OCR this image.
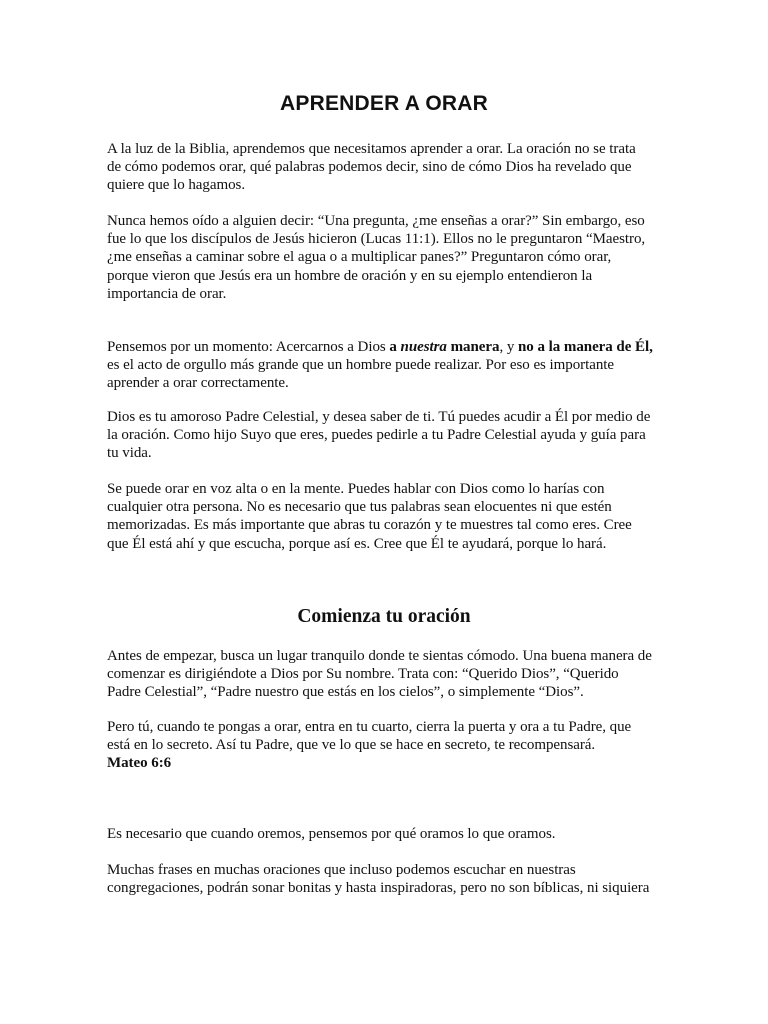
APRENDER A ORAR

A la luz de la Biblia, aprendemos que necesitamos aprender a orar. La oración no se trata
de cómo podemos orar, qué palabras podemos decir, sino de cómo Dios ha revelado que
quiere que lo hagamos.

Nunca hemos oído a alguien decir: “Una pregunta, ¿me enseñas a orar?” Sin embargo, eso
fue lo que los discípulos de Jesús hicieron (Lucas 11:1). Ellos no le preguntaron “Maestro,
¿me enseñas a caminar sobre el agua o a multiplicar panes?” Preguntaron cómo orar,
porque vieron que Jesús era un hombre de oración y en su ejemplo entendieron la
importancia de orar.

Pensemos por un momento: Acercarnos a Dios a nuestra manera, y no a la manera de Él,
es el acto de orgullo más grande que un hombre puede realizar. Por eso es importante
aprender a orar correctamente.

Dios es tu amoroso Padre Celestial, y desea saber de ti. Tú puedes acudir a Él por medio de
la oración. Como hijo Suyo que eres, puedes pedirle a tu Padre Celestial ayuda y guía para
tu vida.

Se puede orar en voz alta o en la mente. Puedes hablar con Dios como lo harías con
cualquier otra persona. No es necesario que tus palabras sean elocuentes ni que estén
memorizadas. Es más importante que abras tu corazón y te muestres tal como eres. Cree
que Él está ahí y que escucha, porque así es. Cree que Él te ayudará, porque lo hará.

Comienza tu oración

Antes de empezar, busca un lugar tranquilo donde te sientas cómodo. Una buena manera de
comenzar es dirigiéndote a Dios por Su nombre. Trata con: “Querido Dios”, “Querido
Padre Celestial”, “Padre nuestro que estás en los cielos”, o simplemente “Dios”.

Pero tú, cuando te pongas a orar, entra en tu cuarto, cierra la puerta y ora a tu Padre, que
está en lo secreto. Así tu Padre, que ve lo que se hace en secreto, te recompensará.
Mateo 6:6

Es necesario que cuando oremos, pensemos por qué oramos lo que oramos.

Muchas frases en muchas oraciones que incluso podemos escuchar en nuestras
congregaciones, podrán sonar bonitas y hasta inspiradoras, pero no son bíblicas, ni siquiera
